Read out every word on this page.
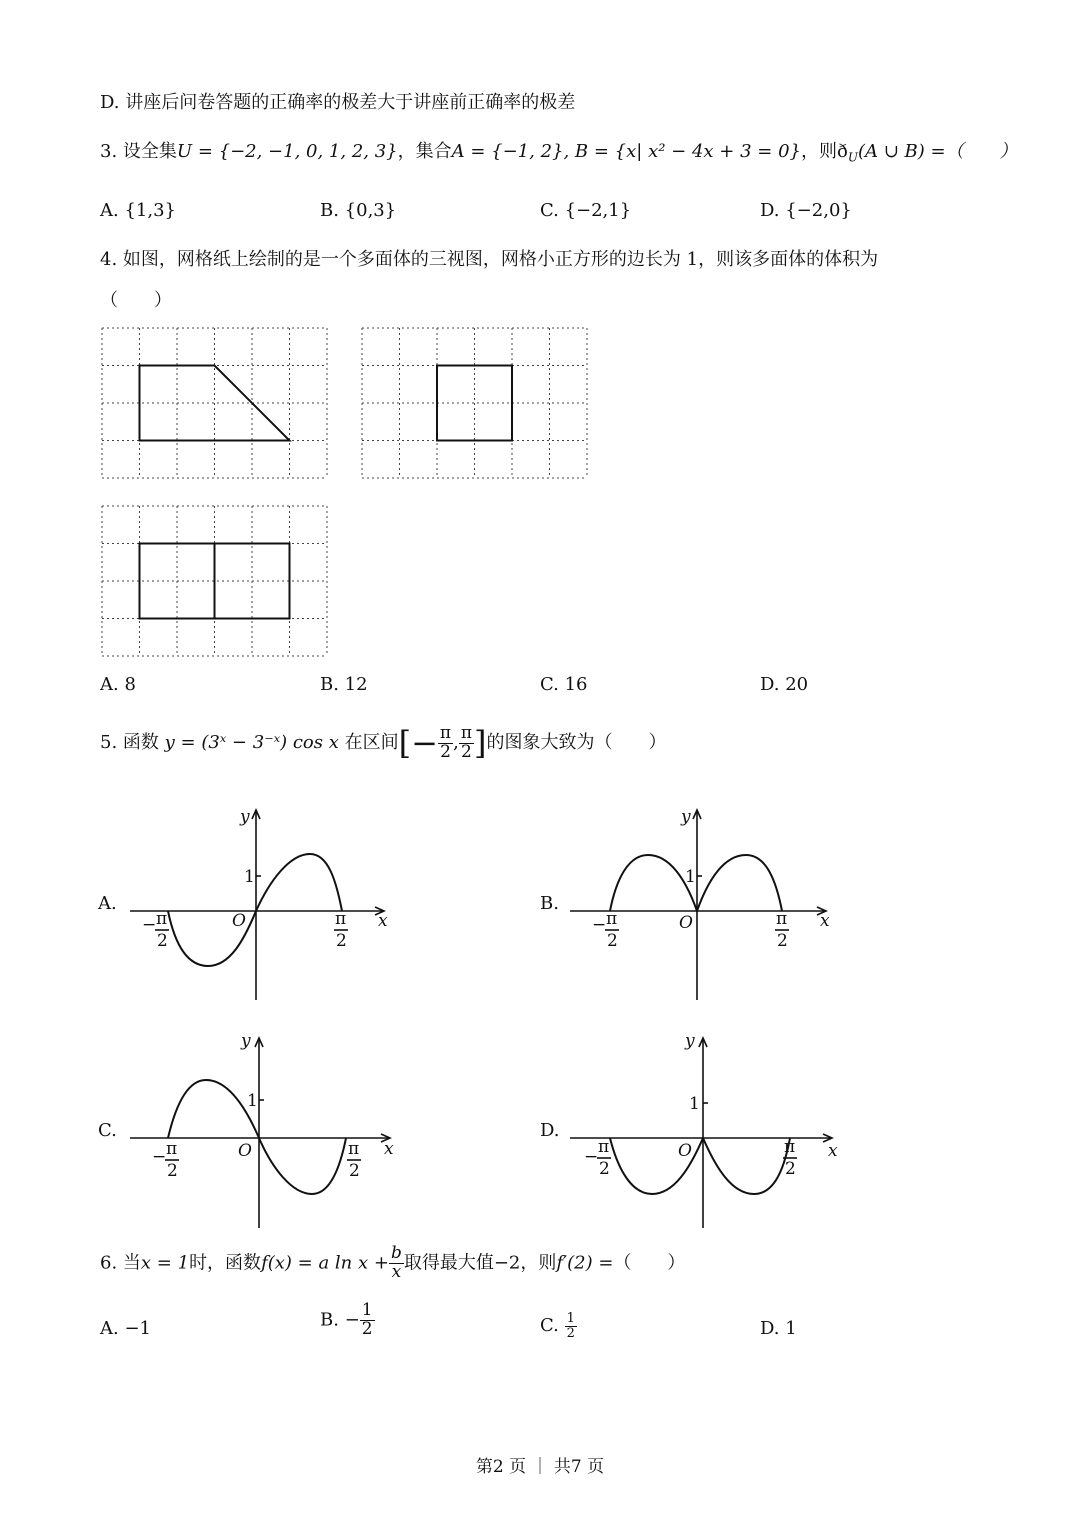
D. 讲座后问卷答题的正确率的极差大于讲座前正确率的极差
3. 设全集U = {−2, −1, 0, 1, 2, 3}，集合A = {−1, 2}, B = {x| x² − 4x + 3 = 0}，则$ð_U(A$ ∪ B) =（　　）
A. {1,3}	B. {0,3}	C. {−2,1}	D. {−2,0}
4. 如图，网格纸上绘制的是一个多面体的三视图，网格小正方形的边长为 1，则该多面体的体积为
（　　）
A. 8	B. 12	C. 16	D. 20
5. 函数 y = (3ˣ − 3⁻ˣ) cos x 在区间[− $\frac{\pi}{2}$ , $\frac{\pi}{2}$ ]的图象大致为（　　）
A.
y
1
O	x
− π
2
π
2
B.
y
1
O	x
− π
2
π
2
C.
y
1
O	x
− π
2
π
2
D.
y
1
O	x
− π
2
π
2
6. 当x = 1时，函数f(x) = a $\ln x + \frac{b}{x}$ 取得最大值−2，则f′(2) =（　　）
A. −1	B. − $\frac{1}{2}$	C. $\frac{1}{2}$	D. 1
第2 页 ｜ 共7 页
